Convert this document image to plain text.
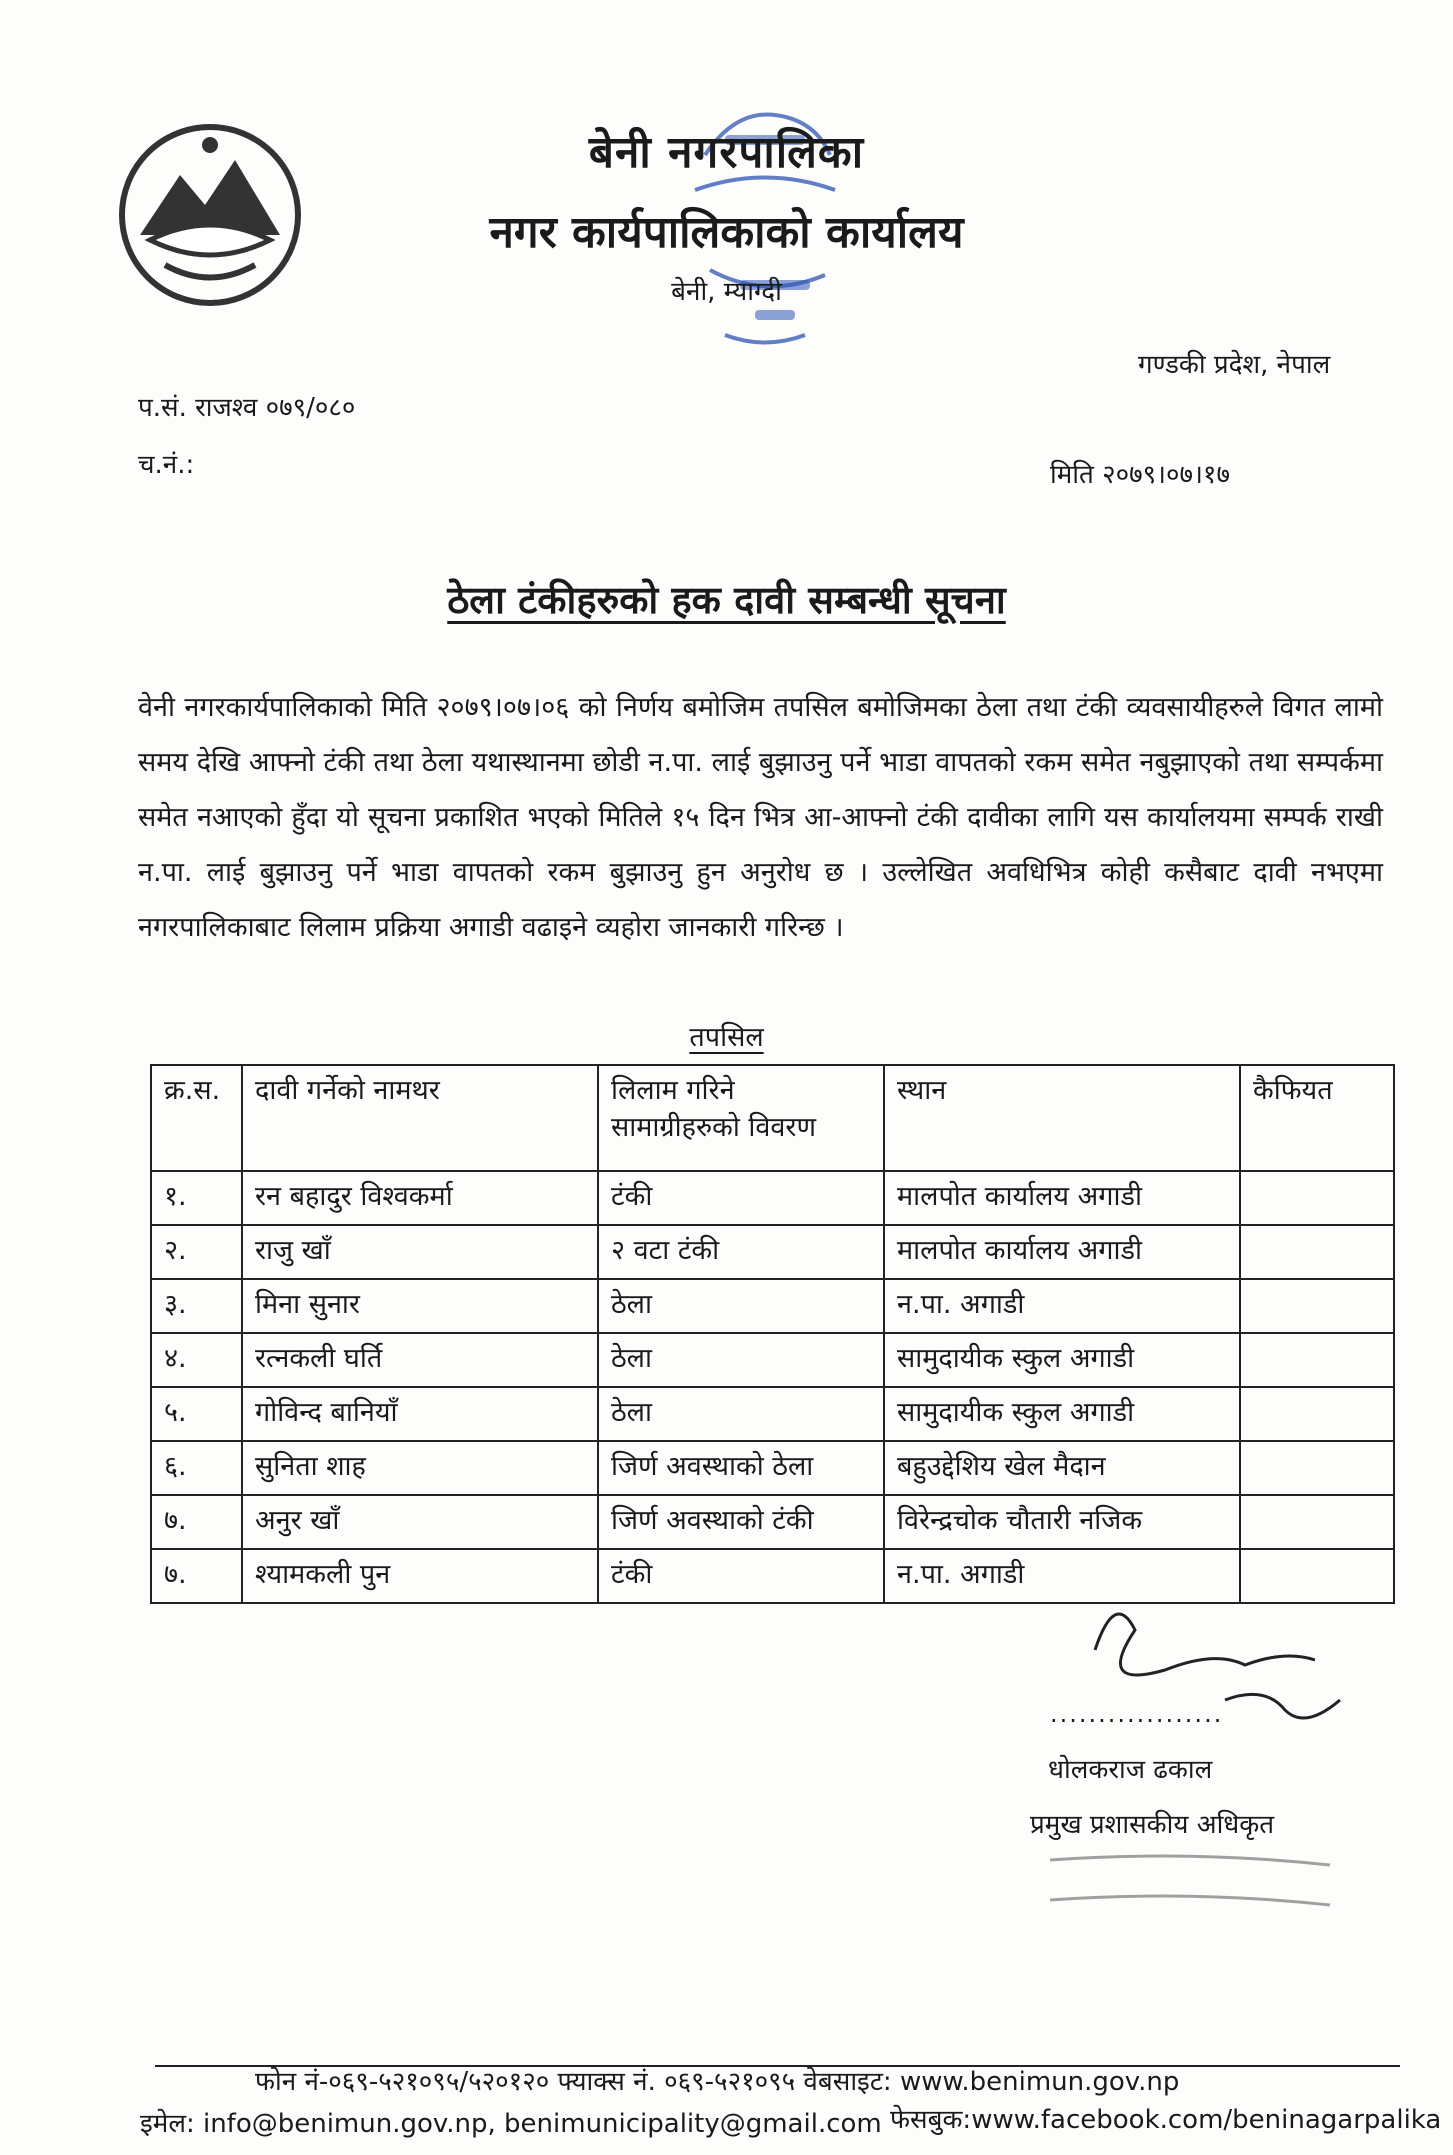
बेनी नगरपालिका
नगर कार्यपालिकाको कार्यालय
बेनी, म्याग्दी
गण्डकी प्रदेश, नेपाल
प.सं. राजश्व ०७९/०८०
च.नं.:	मिति २०७९।०७।१७
ठेला टंकीहरुको हक दावी सम्बन्धी सूचना
वेनी नगरकार्यपालिकाको मिति २०७९।०७।०६ को निर्णय बमोजिम तपसिल बमोजिमका ठेला तथा टंकी व्यवसायीहरुले विगत लामो समय देखि आफ्नो टंकी तथा ठेला यथास्थानमा छोडी न.पा. लाई बुझाउनु पर्ने भाडा वापतको रकम समेत नबुझाएको तथा सम्पर्कमा समेत नआएको हुँदा यो सूचना प्रकाशित भएको मितिले १५ दिन भित्र आ-आफ्नो टंकी दावीका लागि यस कार्यालयमा सम्पर्क राखी न.पा. लाई बुझाउनु पर्ने भाडा वापतको रकम बुझाउनु हुन अनुरोध छ । उल्लेखित अवधिभित्र कोही कसैबाट दावी नभएमा नगरपालिकाबाट लिलाम प्रक्रिया अगाडी वढाइने व्यहोरा जानकारी गरिन्छ ।
तपसिल
क्र.स.	दावी गर्नेको नामथर	लिलाम गरिने सामाग्रीहरुको विवरण	स्थान	कैफियत
१.	रन बहादुर विश्वकर्मा	टंकी	मालपोत कार्यालय अगाडी	
२.	राजु खाँ	२ वटा टंकी	मालपोत कार्यालय अगाडी	
३.	मिना सुनार	ठेला	न.पा. अगाडी	
४.	रत्नकली घर्ति	ठेला	सामुदायीक स्कुल अगाडी	
५.	गोविन्द बानियाँ	ठेला	सामुदायीक स्कुल अगाडी	
६.	सुनिता शाह	जिर्ण अवस्थाको ठेला	बहुउद्देशिय खेल मैदान	
७.	अनुर खाँ	जिर्ण अवस्थाको टंकी	विरेन्द्रचोक चौतारी नजिक	
७.	श्यामकली पुन	टंकी	न.पा. अगाडी	
..................
धोलकराज ढकाल
प्रमुख प्रशासकीय अधिकृत
फोन नं-०६९-५२१०९५/५२०१२० फ्याक्स नं. ०६९-५२१०९५ वेबसाइट: www.benimun.gov.np
इमेल: info@benimun.gov.np, benimunicipality@gmail.com फेसबुक:www.facebook.com/beninagarpalika
